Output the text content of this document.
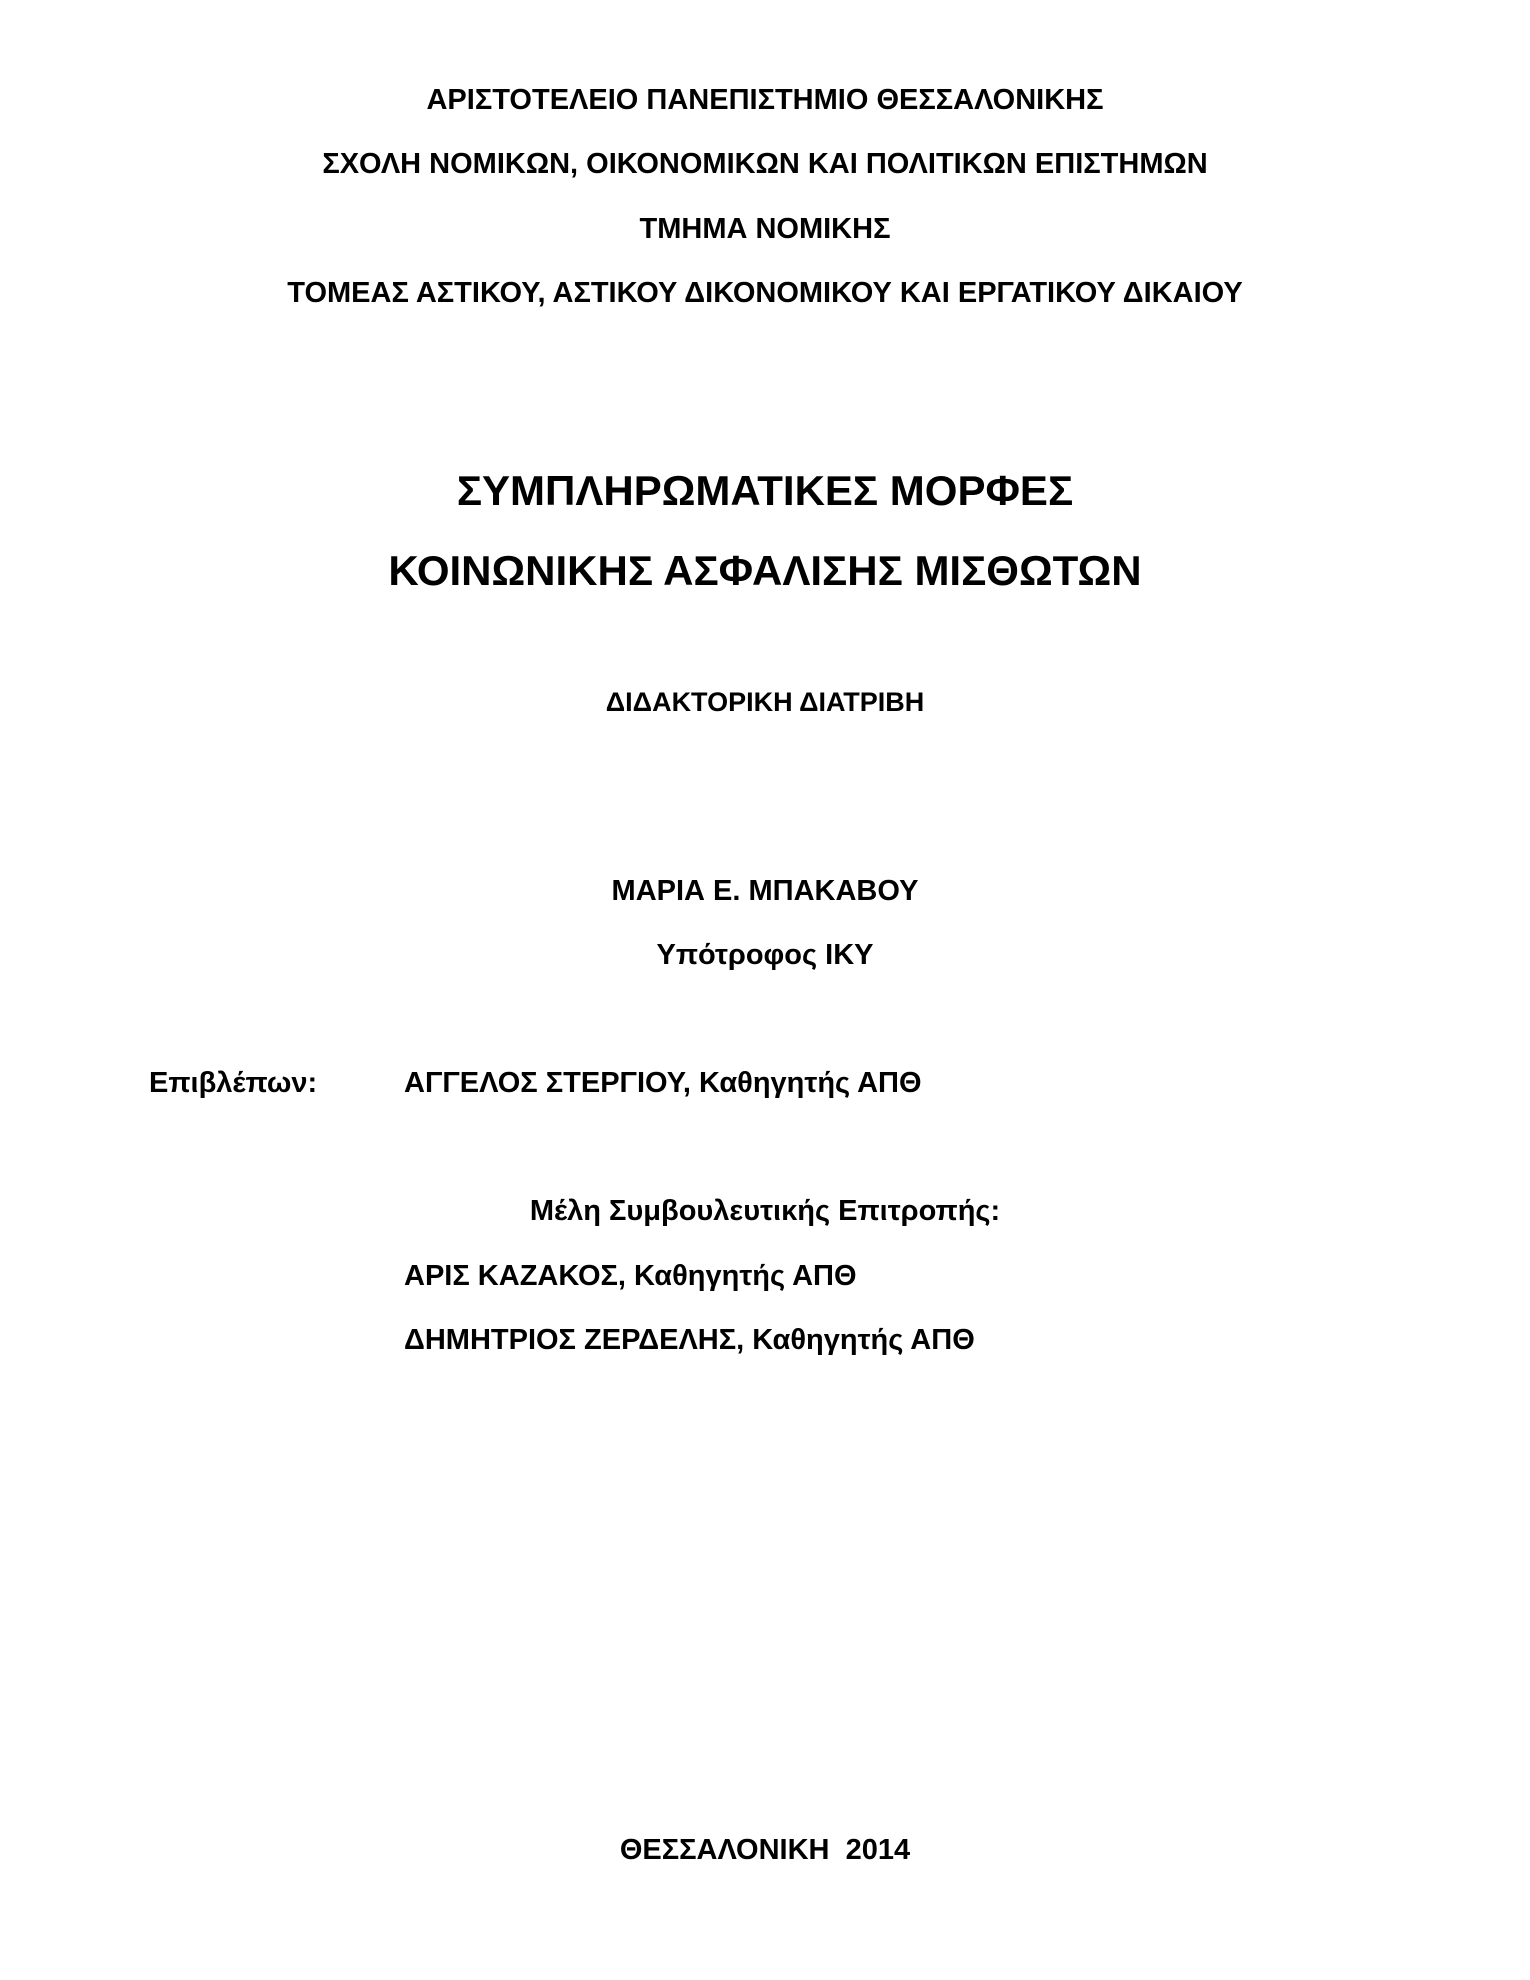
ΑΡΙΣΤΟΤΕΛΕΙΟ ΠΑΝΕΠΙΣΤΗΜΙΟ ΘΕΣΣΑΛΟΝΙΚΗΣ
ΣΧΟΛΗ ΝΟΜΙΚΩΝ, ΟΙΚΟΝΟΜΙΚΩΝ ΚΑΙ ΠΟΛΙΤΙΚΩΝ ΕΠΙΣΤΗΜΩΝ
ΤΜΗΜΑ ΝΟΜΙΚΗΣ
ΤΟΜΕΑΣ ΑΣΤΙΚΟΥ, ΑΣΤΙΚΟΥ ΔΙΚΟΝΟΜΙΚΟΥ ΚΑΙ ΕΡΓΑΤΙΚΟΥ ΔΙΚΑΙΟΥ
ΣΥΜΠΛΗΡΩΜΑΤΙΚΕΣ ΜΟΡΦΕΣ
ΚΟΙΝΩΝΙΚΗΣ ΑΣΦΑΛΙΣΗΣ ΜΙΣΘΩΤΩΝ
ΔΙΔΑΚΤΟΡΙΚΗ ΔΙΑΤΡΙΒΗ
ΜΑΡΙΑ Ε. ΜΠΑΚΑΒΟΥ
Υπότροφος ΙΚΥ
Επιβλέπων:	ΑΓΓΕΛΟΣ ΣΤΕΡΓΙΟΥ, Καθηγητής ΑΠΘ
Μέλη Συμβουλευτικής Επιτροπής:
ΑΡΙΣ ΚΑΖΑΚΟΣ, Καθηγητής ΑΠΘ
ΔΗΜΗΤΡΙΟΣ ΖΕΡΔΕΛΗΣ, Καθηγητής ΑΠΘ
ΘΕΣΣΑΛΟΝΙΚΗ  2014
